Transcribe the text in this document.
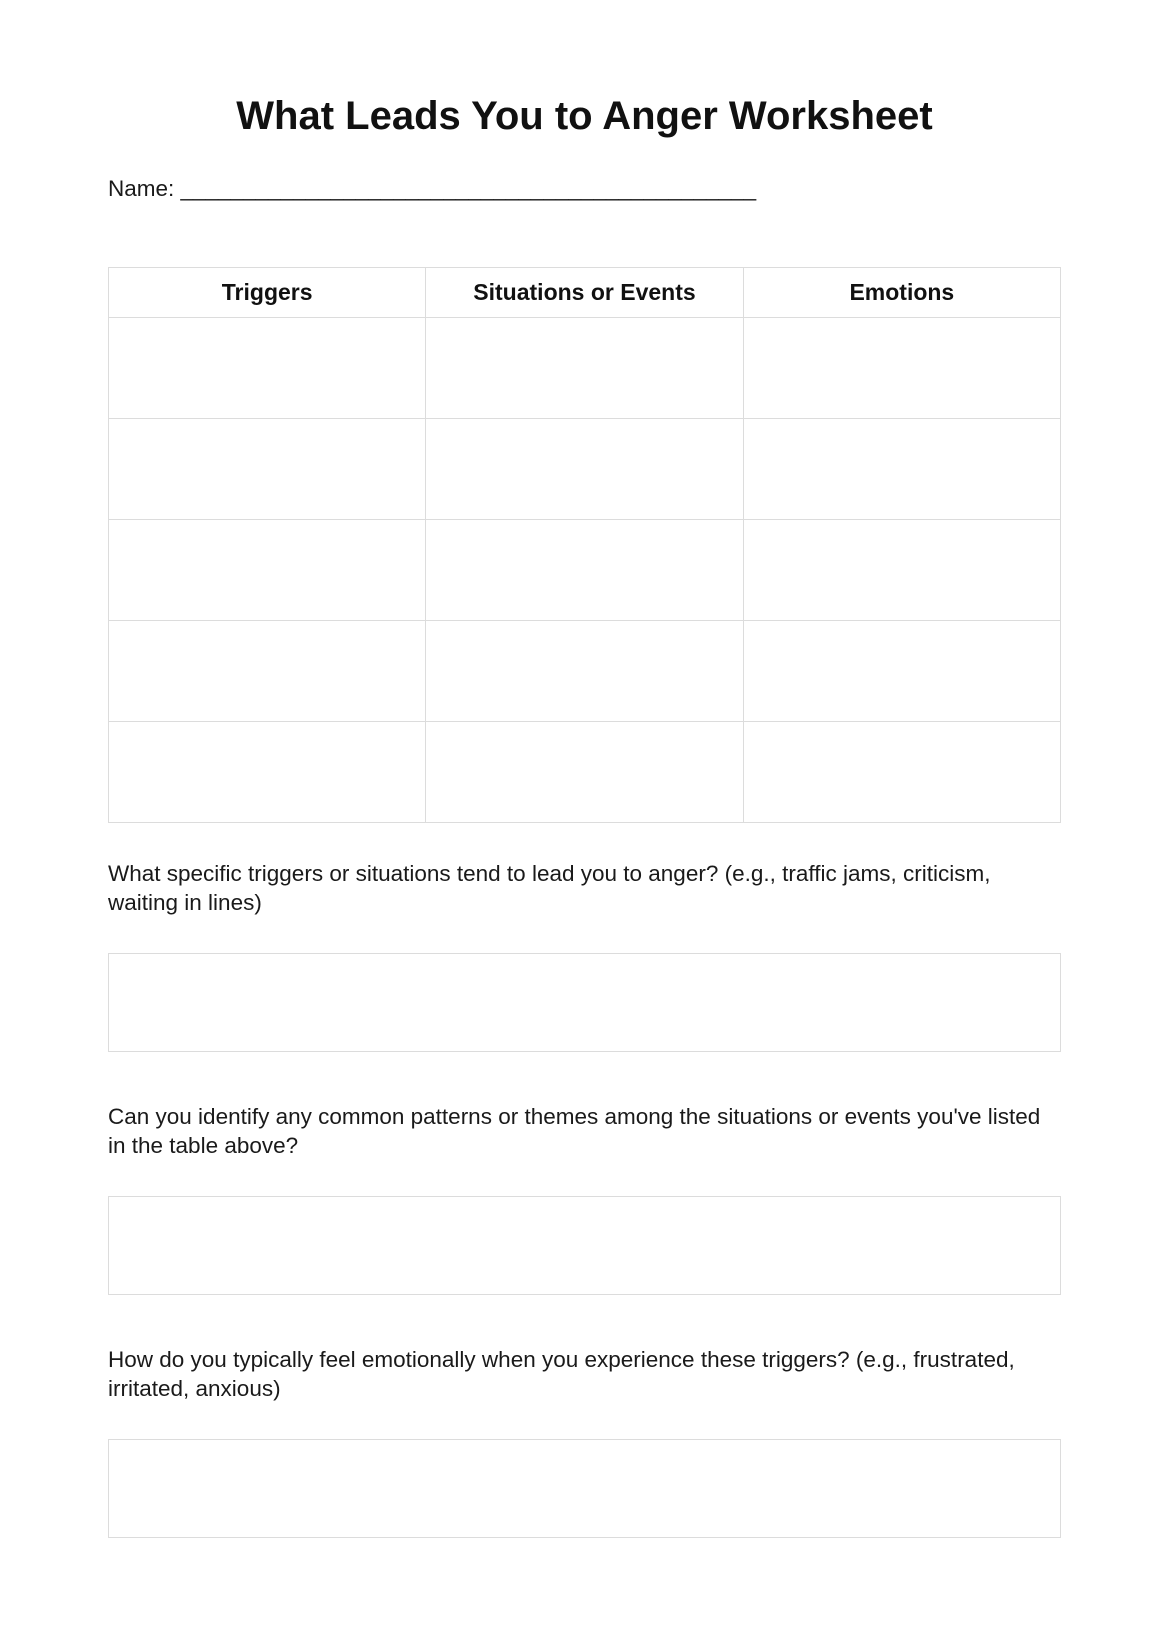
What Leads You to Anger Worksheet
Name: ______________________________________________
Triggers	Situations or Events	Emotions

What specific triggers or situations tend to lead you to anger? (e.g., traffic jams, criticism, waiting in lines)

Can you identify any common patterns or themes among the situations or events you've listed in the table above?

How do you typically feel emotionally when you experience these triggers? (e.g., frustrated, irritated, anxious)
